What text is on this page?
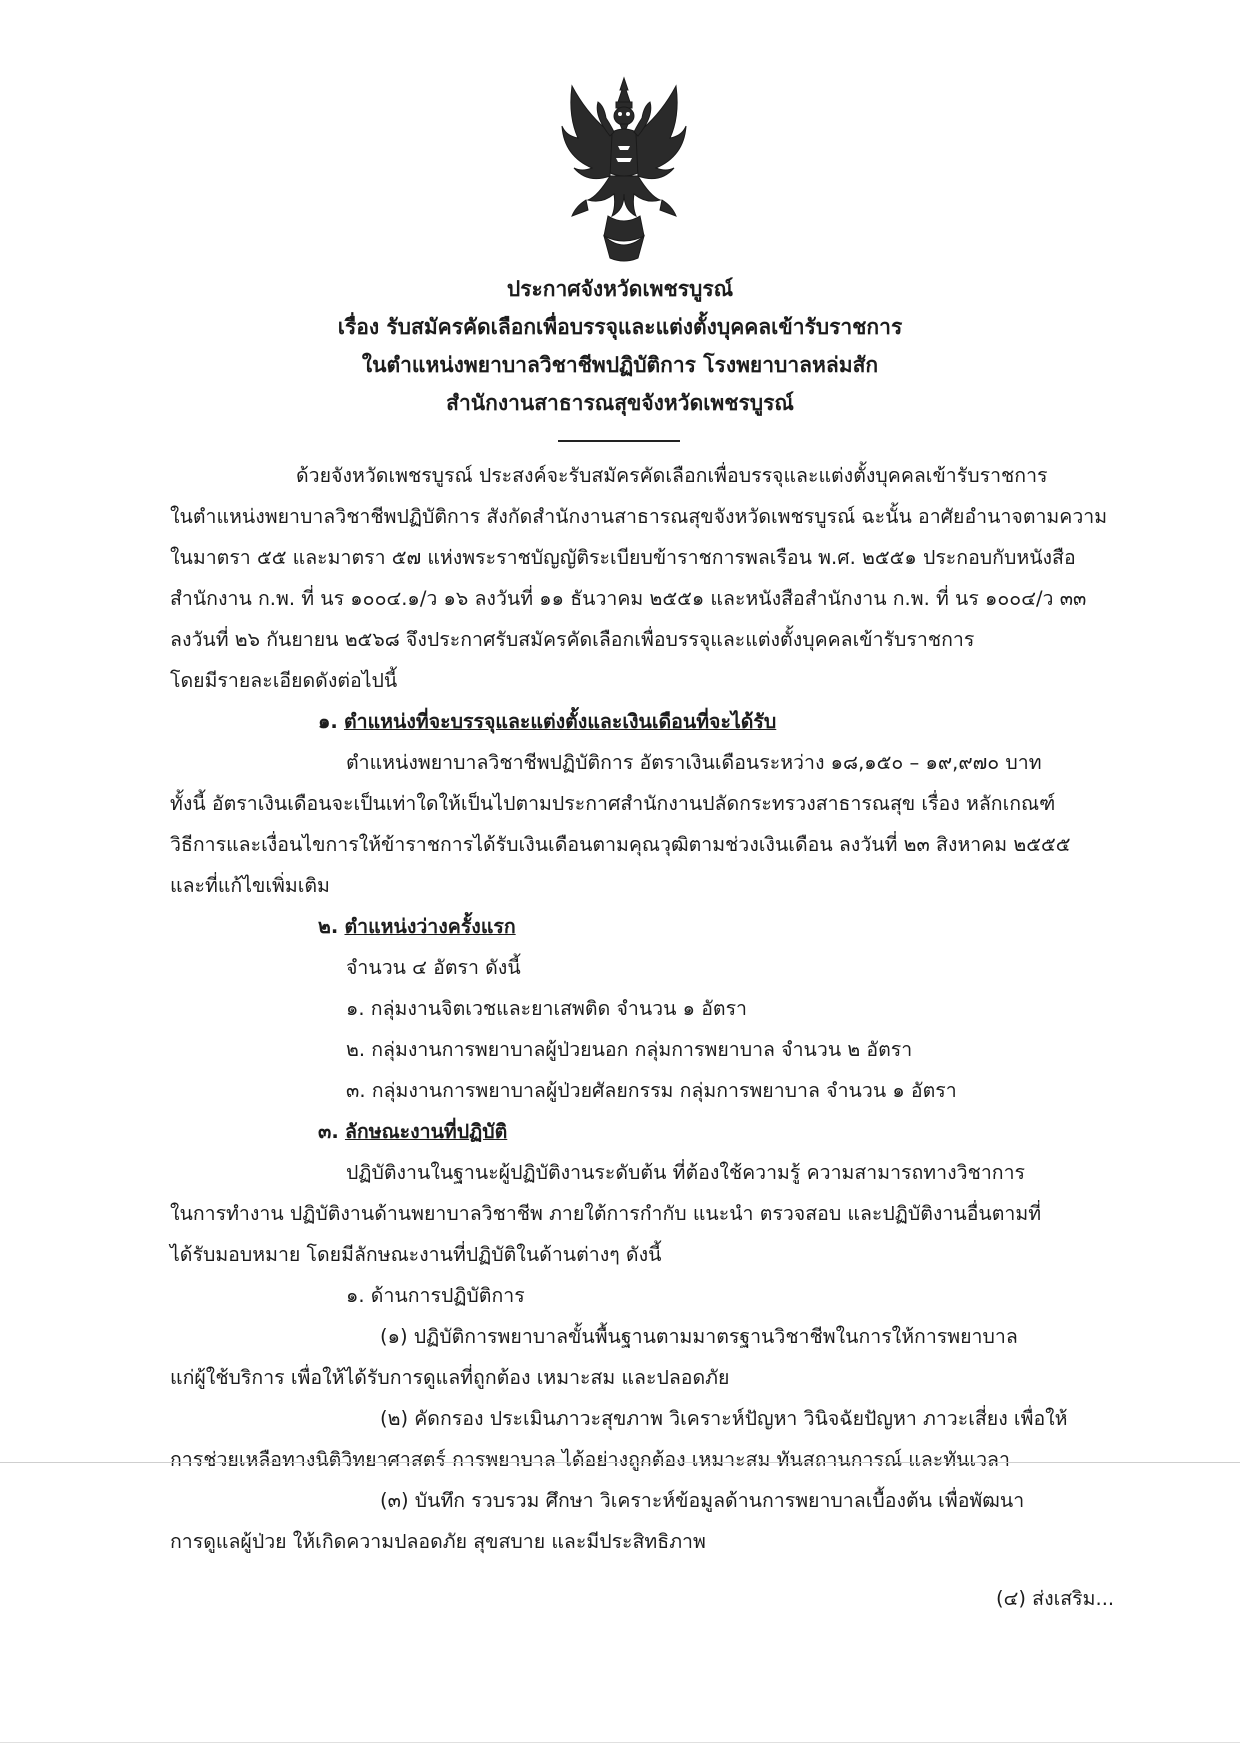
ประกาศจังหวัดเพชรบูรณ์
เรื่อง รับสมัครคัดเลือกเพื่อบรรจุและแต่งตั้งบุคคลเข้ารับราชการ
ในตำแหน่งพยาบาลวิชาชีพปฏิบัติการ โรงพยาบาลหล่มสัก
สำนักงานสาธารณสุขจังหวัดเพชรบูรณ์
ด้วยจังหวัดเพชรบูรณ์ ประสงค์จะรับสมัครคัดเลือกเพื่อบรรจุและแต่งตั้งบุคคลเข้ารับราชการ
ในตำแหน่งพยาบาลวิชาชีพปฏิบัติการ สังกัดสำนักงานสาธารณสุขจังหวัดเพชรบูรณ์ ฉะนั้น อาศัยอำนาจตามความ
ในมาตรา ๕๕ และมาตรา ๕๗ แห่งพระราชบัญญัติระเบียบข้าราชการพลเรือน พ.ศ. ๒๕๕๑ ประกอบกับหนังสือ
สำนักงาน ก.พ. ที่ นร ๑๐๐๔.๑/ว ๑๖ ลงวันที่ ๑๑ ธันวาคม ๒๕๕๑ และหนังสือสำนักงาน ก.พ. ที่ นร ๑๐๐๔/ว ๓๓
ลงวันที่ ๒๖ กันยายน ๒๕๖๘ จึงประกาศรับสมัครคัดเลือกเพื่อบรรจุและแต่งตั้งบุคคลเข้ารับราชการ
โดยมีรายละเอียดดังต่อไปนี้
๑. ตำแหน่งที่จะบรรจุและแต่งตั้งและเงินเดือนที่จะได้รับ
ตำแหน่งพยาบาลวิชาชีพปฏิบัติการ อัตราเงินเดือนระหว่าง ๑๘,๑๕๐ – ๑๙,๙๗๐ บาท
ทั้งนี้ อัตราเงินเดือนจะเป็นเท่าใดให้เป็นไปตามประกาศสำนักงานปลัดกระทรวงสาธารณสุข เรื่อง หลักเกณฑ์
วิธีการและเงื่อนไขการให้ข้าราชการได้รับเงินเดือนตามคุณวุฒิตามช่วงเงินเดือน ลงวันที่ ๒๓ สิงหาคม ๒๕๕๕
และที่แก้ไขเพิ่มเติม
๒. ตำแหน่งว่างครั้งแรก
จำนวน ๔ อัตรา ดังนี้
๑. กลุ่มงานจิตเวชและยาเสพติด จำนวน ๑ อัตรา
๒. กลุ่มงานการพยาบาลผู้ป่วยนอก กลุ่มการพยาบาล จำนวน ๒ อัตรา
๓. กลุ่มงานการพยาบาลผู้ป่วยศัลยกรรม กลุ่มการพยาบาล จำนวน ๑ อัตรา
๓. ลักษณะงานที่ปฏิบัติ
ปฏิบัติงานในฐานะผู้ปฏิบัติงานระดับต้น ที่ต้องใช้ความรู้ ความสามารถทางวิชาการ
ในการทำงาน ปฏิบัติงานด้านพยาบาลวิชาชีพ ภายใต้การกำกับ แนะนำ ตรวจสอบ และปฏิบัติงานอื่นตามที่
ได้รับมอบหมาย โดยมีลักษณะงานที่ปฏิบัติในด้านต่างๆ ดังนี้
๑. ด้านการปฏิบัติการ
(๑) ปฏิบัติการพยาบาลขั้นพื้นฐานตามมาตรฐานวิชาชีพในการให้การพยาบาล
แก่ผู้ใช้บริการ เพื่อให้ได้รับการดูแลที่ถูกต้อง เหมาะสม และปลอดภัย
(๒) คัดกรอง ประเมินภาวะสุขภาพ วิเคราะห์ปัญหา วินิจฉัยปัญหา ภาวะเสี่ยง เพื่อให้
การช่วยเหลือทางนิติวิทยาศาสตร์ การพยาบาล ได้อย่างถูกต้อง เหมาะสม ทันสถานการณ์ และทันเวลา
(๓) บันทึก รวบรวม ศึกษา วิเคราะห์ข้อมูลด้านการพยาบาลเบื้องต้น เพื่อพัฒนา
การดูแลผู้ป่วย ให้เกิดความปลอดภัย สุขสบาย และมีประสิทธิภาพ
(๔) ส่งเสริม...
